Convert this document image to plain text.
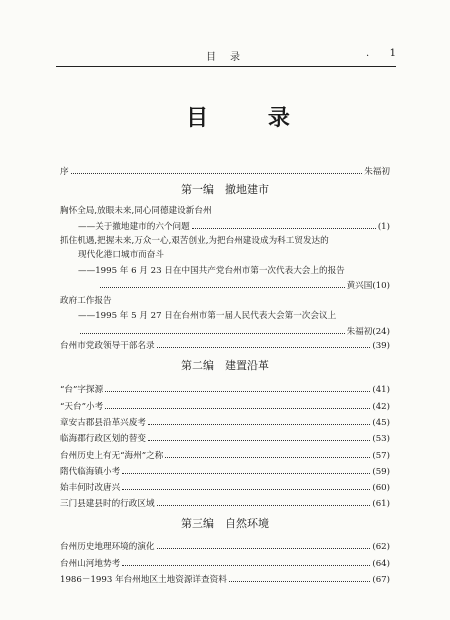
目录	. 1
目 录
序	朱福初
第一编　撤地建市
胸怀全局,放眼未来,同心同德建设新台州
——关于撤地建市的六个问题	(1)
抓住机遇,把握未来,万众一心,艰苦创业,为把台州建设成为科工贸发达的
现代化港口城市而奋斗
——1995 年 6 月 23 日在中国共产党台州市第一次代表大会上的报告
黄兴国(10)
政府工作报告
——1995 年 5 月 27 日在台州市第一届人民代表大会第一次会议上
朱福初(24)
台州市党政领导干部名录	(39)
第二编　建置沿革
“台”字探源	(41)
“天台”小考	(42)
章安古郡县沿革兴废考	(45)
临海郡行政区划的替变	(53)
台州历史上有无“海州”之称	(57)
隋代临海镇小考	(59)
始丰何时改唐兴	(60)
三门县建县时的行政区域	(61)
第三编　自然环境
台州历史地理环境的演化	(62)
台州山河地势考	(64)
1986－1993 年台州地区土地资源详查资料	(67)
